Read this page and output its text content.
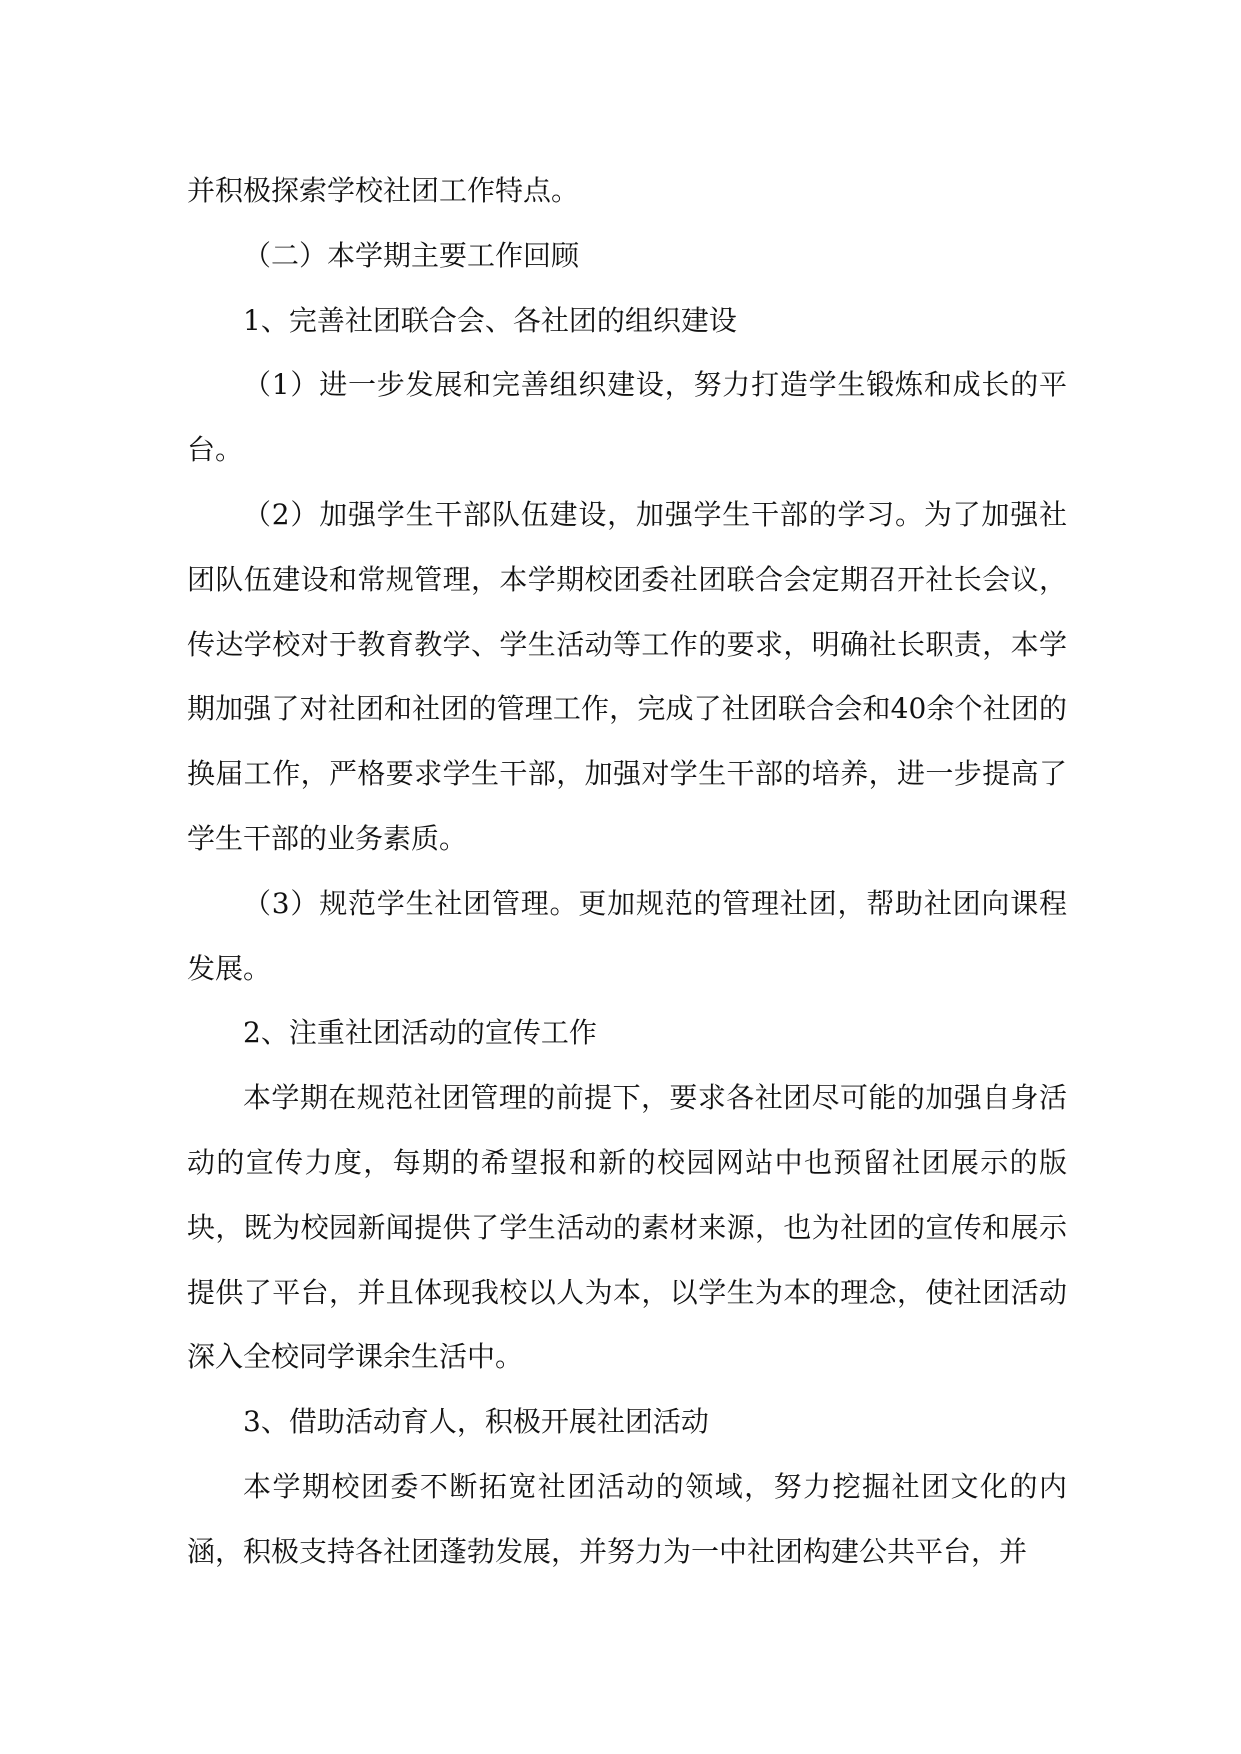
并积极探索学校社团工作特点。

（二）本学期主要工作回顾

1、完善社团联合会、各社团的组织建设

（1）进一步发展和完善组织建设，努力打造学生锻炼和成长的平台。

（2）加强学生干部队伍建设，加强学生干部的学习。为了加强社团队伍建设和常规管理，本学期校团委社团联合会定期召开社长会议，传达学校对于教育教学、学生活动等工作的要求，明确社长职责，本学期加强了对社团和社团的管理工作，完成了社团联合会和40余个社团的换届工作，严格要求学生干部，加强对学生干部的培养，进一步提高了学生干部的业务素质。

（3）规范学生社团管理。更加规范的管理社团，帮助社团向课程发展。

2、注重社团活动的宣传工作

本学期在规范社团管理的前提下，要求各社团尽可能的加强自身活动的宣传力度，每期的希望报和新的校园网站中也预留社团展示的版块，既为校园新闻提供了学生活动的素材来源，也为社团的宣传和展示提供了平台，并且体现我校以人为本，以学生为本的理念，使社团活动深入全校同学课余生活中。

3、借助活动育人，积极开展社团活动

本学期校团委不断拓宽社团活动的领域，努力挖掘社团文化的内涵，积极支持各社团蓬勃发展，并努力为一中社团构建公共平台，并
